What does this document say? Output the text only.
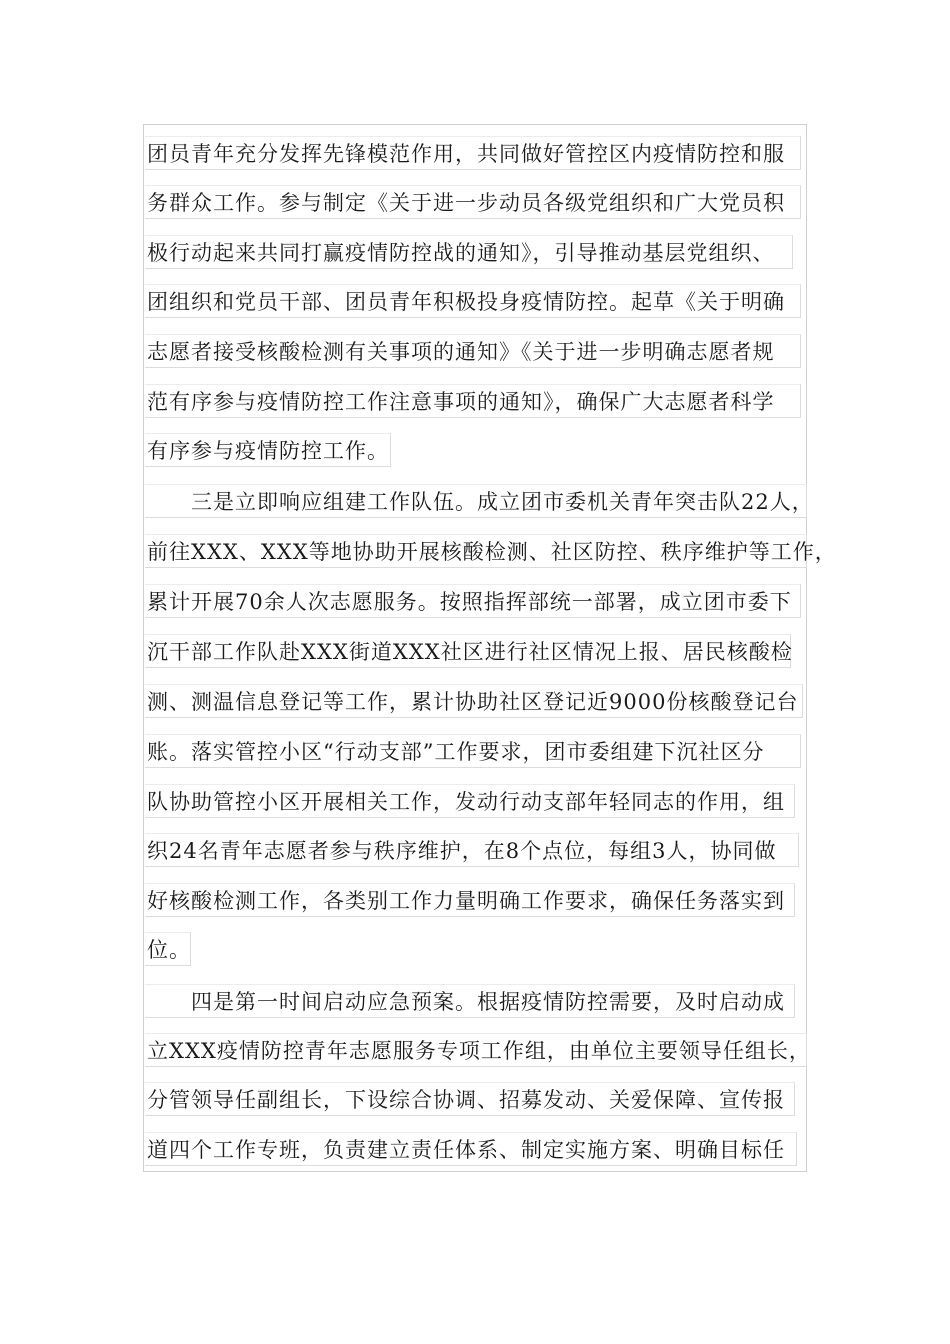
团员青年充分发挥先锋模范作用，共同做好管控区内疫情防控和服
务群众工作。参与制定《关于进一步动员各级党组织和广大党员积
极行动起来共同打赢疫情防控战的通知》，引导推动基层党组织、
团组织和党员干部、团员青年积极投身疫情防控。起草《关于明确
志愿者接受核酸检测有关事项的通知》《关于进一步明确志愿者规
范有序参与疫情防控工作注意事项的通知》，确保广大志愿者科学
有序参与疫情防控工作。
三是立即响应组建工作队伍。成立团市委机关青年突击队22人，
前往XXX、XXX等地协助开展核酸检测、社区防控、秩序维护等工作，
累计开展70余人次志愿服务。按照指挥部统一部署，成立团市委下
沉干部工作队赴XXX街道XXX社区进行社区情况上报、居民核酸检
测、测温信息登记等工作，累计协助社区登记近9000份核酸登记台
账。落实管控小区“行动支部”工作要求，团市委组建下沉社区分
队协助管控小区开展相关工作，发动行动支部年轻同志的作用，组
织24名青年志愿者参与秩序维护，在8个点位，每组3人，协同做
好核酸检测工作，各类别工作力量明确工作要求，确保任务落实到
位。
四是第一时间启动应急预案。根据疫情防控需要，及时启动成
立XXX疫情防控青年志愿服务专项工作组，由单位主要领导任组长，
分管领导任副组长，下设综合协调、招募发动、关爱保障、宣传报
道四个工作专班，负责建立责任体系、制定实施方案、明确目标任
